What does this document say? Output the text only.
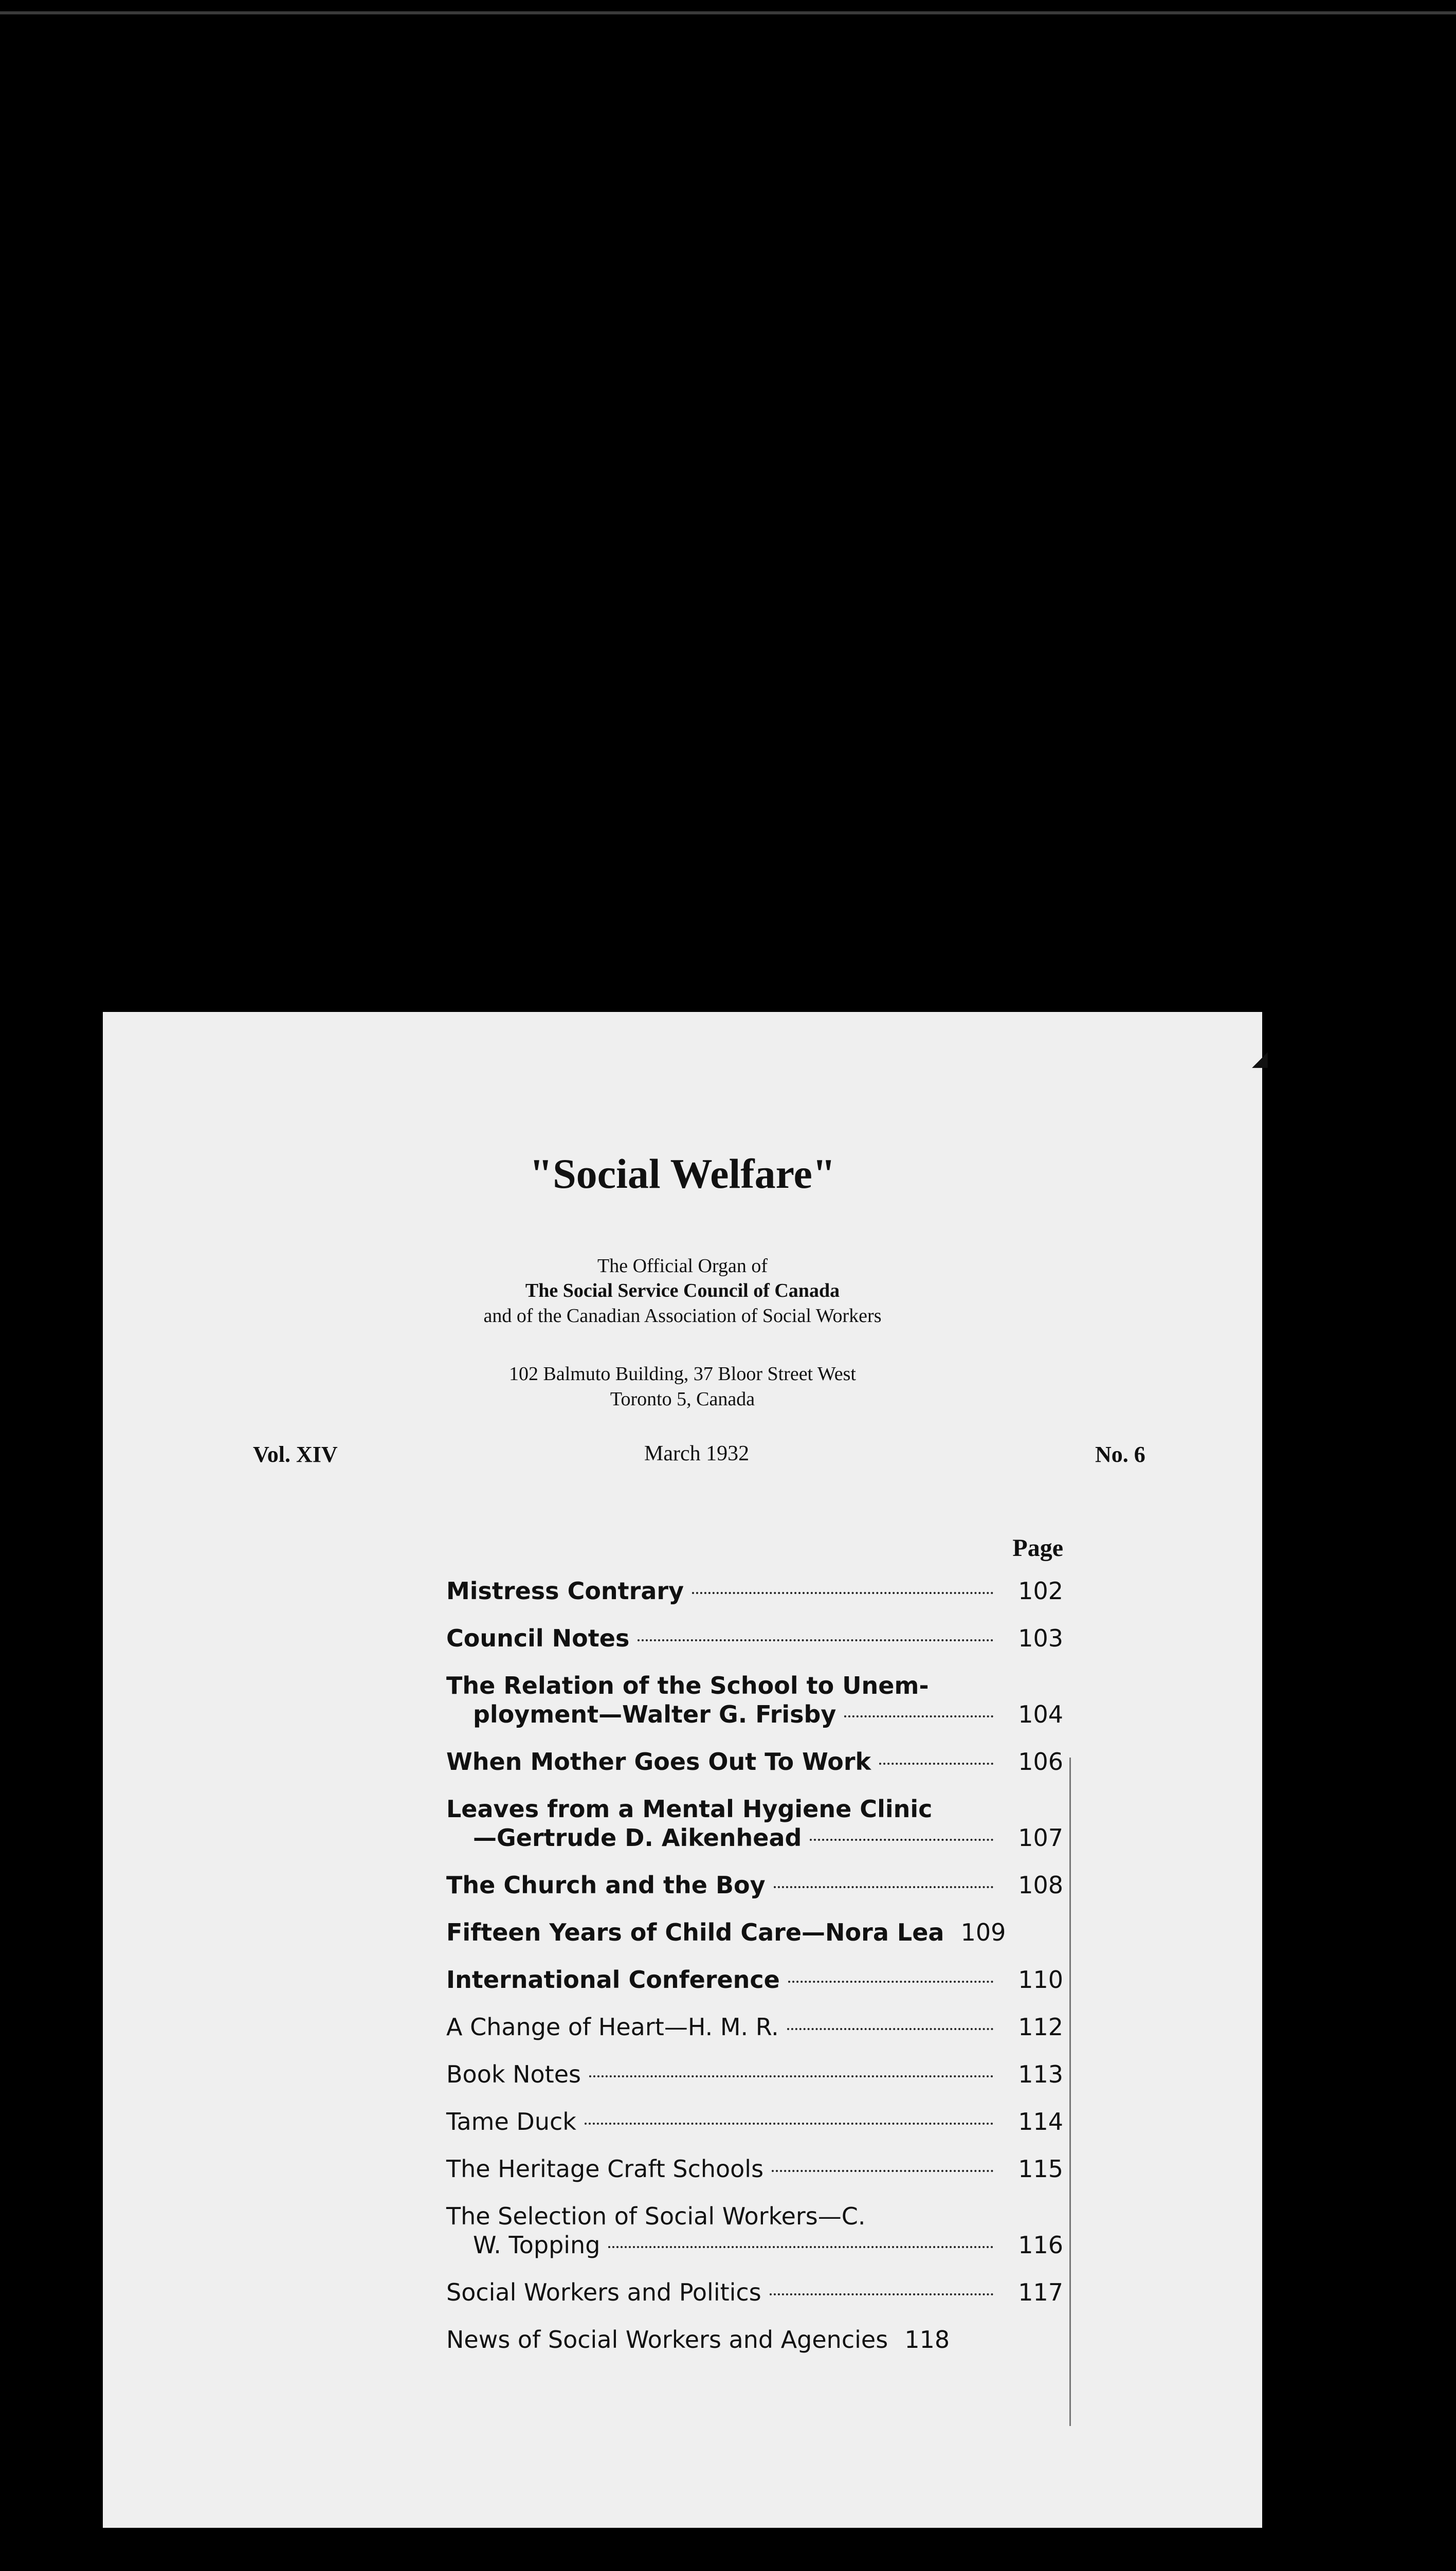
◢
"Social Welfare"
The Official Organ of
The Social Service Council of Canada
and of the Canadian Association of Social Workers
102 Balmuto Building, 37 Bloor Street West
Toronto 5, Canada
Vol. XIV	March 1932	No. 6
Page
Mistress Contrary	102
Council Notes	103
The Relation of the School to Unem-
ployment—Walter G. Frisby	104
When Mother Goes Out To Work	106
Leaves from a Mental Hygiene Clinic
—Gertrude D. Aikenhead	107
The Church and the Boy	108
Fifteen Years of Child Care—Nora Lea 109
International Conference	110
A Change of Heart—H. M. R.	112
Book Notes	113
Tame Duck	114
The Heritage Craft Schools	115
The Selection of Social Workers—C.
W. Topping	116
Social Workers and Politics	117
News of Social Workers and Agencies 118
